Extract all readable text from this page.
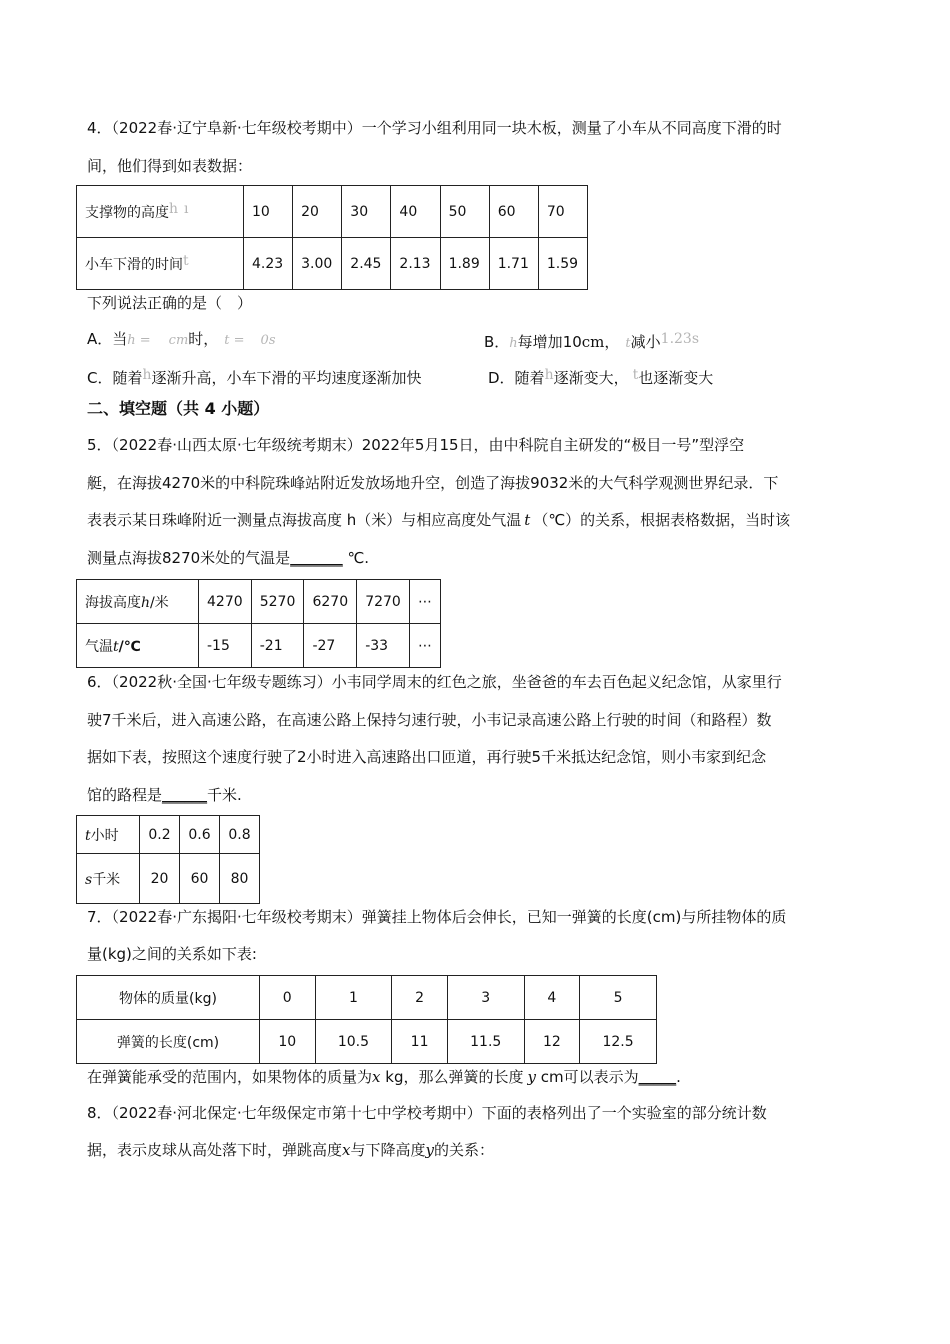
4．（2022春·辽宁阜新·七年级校考期中）一个学习小组利用同一块木板，测量了小车从不同高度下滑的时
间，他们得到如表数据：
支撑物的高度h ı	10	20	30	40	50	60	70
小车下滑的时间t	4.23	3.00	2.45	2.13	1.89	1.71	1.59
下列说法正确的是（　）
A．当h = cm时， t = 0s	B．h每增加10cm， t减小1.23s
C．随着h逐渐升高，小车下滑的平均速度逐渐加快	D．随着h逐渐变大， t也逐渐变大
二、填空题（共 4 小题）
5．（2022春·山西太原·七年级统考期末）2022年5月15日，由中科院自主研发的“极目一号”型浮空
艇，在海拔4270米的中科院珠峰站附近发放场地升空，创造了海拔9032米的大气科学观测世界纪录．下
表表示某日珠峰附近一测量点海拔高度 h（米）与相应高度处气温 t （℃）的关系，根据表格数据，当时该
测量点海拔8270米处的气温是_______ ℃.
海拔高度h/米	4270	5270	6270	7270	⋯
气温t/℃	-15	-21	-27	-33	⋯
6．（2022秋·全国·七年级专题练习）小韦同学周末的红色之旅，坐爸爸的车去百色起义纪念馆，从家里行
驶7千米后，进入高速公路，在高速公路上保持匀速行驶，小韦记录高速公路上行驶的时间（和路程）数
据如下表，按照这个速度行驶了2小时进入高速路出口匝道，再行驶5千米抵达纪念馆，则小韦家到纪念
馆的路程是______千米.
t小时	0.2	0.6	0.8
s千米	20	60	80
7．（2022春·广东揭阳·七年级校考期末）弹簧挂上物体后会伸长，已知一弹簧的长度(cm)与所挂物体的质
量(kg)之间的关系如下表:
物体的质量(kg)	0	1	2	3	4	5
弹簧的长度(cm)	10	10.5	11	11.5	12	12.5
在弹簧能承受的范围内，如果物体的质量为x kg，那么弹簧的长度 y cm可以表示为_____.
8．（2022春·河北保定·七年级保定市第十七中学校考期中）下面的表格列出了一个实验室的部分统计数
据，表示皮球从高处落下时，弹跳高度x与下降高度y的关系：
